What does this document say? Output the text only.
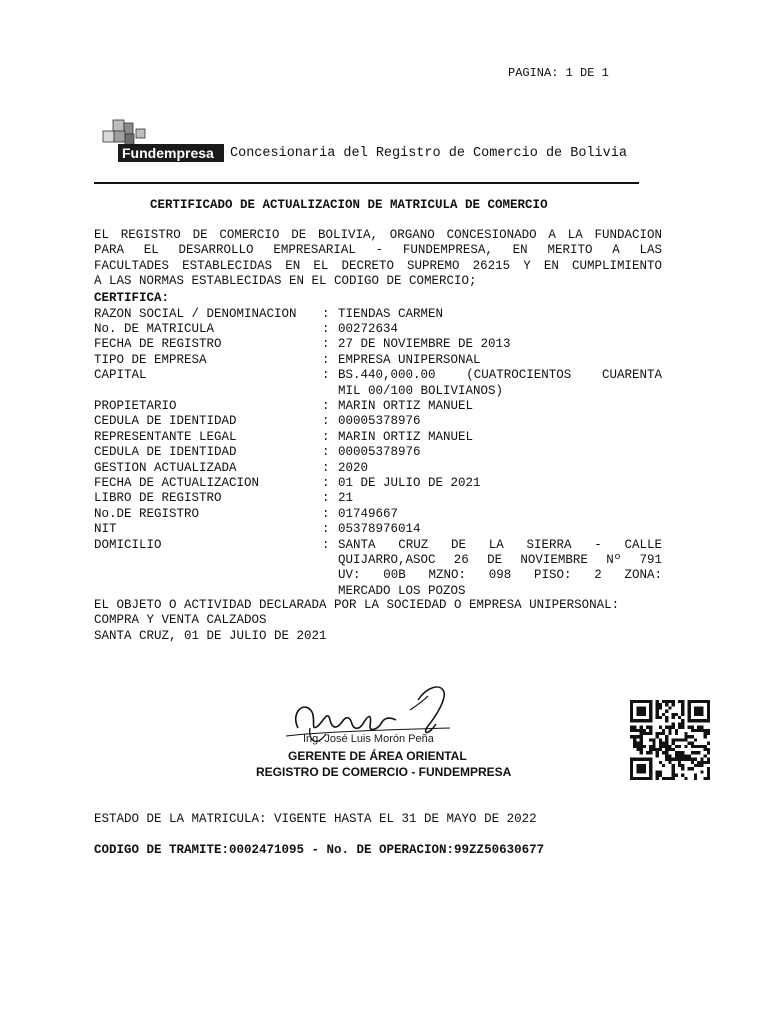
PAGINA: 1 DE 1
Fundempresa Concesionaria del Registro de Comercio de Bolivia
CERTIFICADO DE ACTUALIZACION DE MATRICULA DE COMERCIO
EL REGISTRO DE COMERCIO DE BOLIVIA, ORGANO CONCESIONADO A LA FUNDACION
PARA EL DESARROLLO EMPRESARIAL - FUNDEMPRESA, EN MERITO A LAS
FACULTADES ESTABLECIDAS EN EL DECRETO SUPREMO 26215 Y EN CUMPLIMIENTO
A LAS NORMAS ESTABLECIDAS EN EL CODIGO DE COMERCIO;
CERTIFICA:
RAZON SOCIAL / DENOMINACION : TIENDAS CARMEN
No. DE MATRICULA	: 00272634
FECHA DE REGISTRO	: 27 DE NOVIEMBRE DE 2013
TIPO DE EMPRESA	: EMPRESA UNIPERSONAL
CAPITAL	: BS.440,000.00 (CUATROCIENTOS CUARENTA
MIL 00/100 BOLIVIANOS)
PROPIETARIO	: MARIN ORTIZ MANUEL
CEDULA DE IDENTIDAD	: 00005378976
REPRESENTANTE LEGAL	: MARIN ORTIZ MANUEL
CEDULA DE IDENTIDAD	: 00005378976
GESTION ACTUALIZADA	: 2020
FECHA DE ACTUALIZACION	: 01 DE JULIO DE 2021
LIBRO DE REGISTRO	: 21
No.DE REGISTRO	: 01749667
NIT	: 05378976014
DOMICILIO	: SANTA CRUZ DE LA SIERRA - CALLE
QUIJARRO,ASOC 26 DE NOVIEMBRE Nº 791
UV: 00B MZNO: 098 PISO: 2 ZONA:
MERCADO LOS POZOS
EL OBJETO O ACTIVIDAD DECLARADA POR LA SOCIEDAD O EMPRESA UNIPERSONAL:
COMPRA Y VENTA CALZADOS
SANTA CRUZ, 01 DE JULIO DE 2021
Ing. José Luis Morón Peña
GERENTE DE ÁREA ORIENTAL
REGISTRO DE COMERCIO - FUNDEMPRESA
ESTADO DE LA MATRICULA: VIGENTE HASTA EL 31 DE MAYO DE 2022
CODIGO DE TRAMITE:0002471095 - No. DE OPERACION:99ZZ50630677
